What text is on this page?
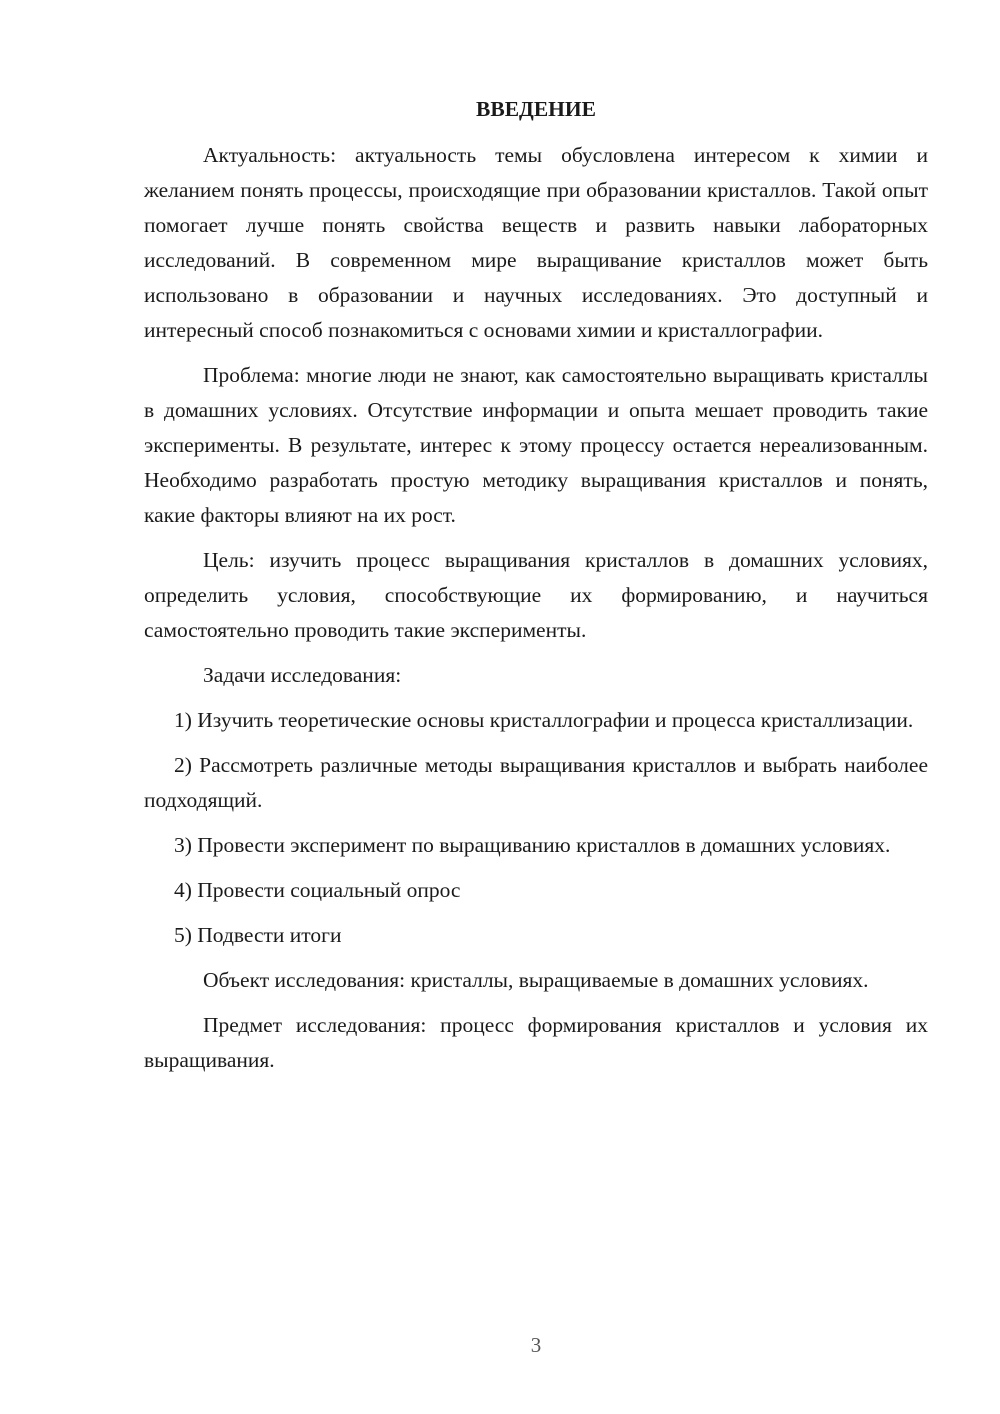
ВВЕДЕНИЕ

Актуальность: актуальность темы обусловлена интересом к химии и желанием понять процессы, происходящие при образовании кристаллов. Такой опыт помогает лучше понять свойства веществ и развить навыки лабораторных исследований. В современном мире выращивание кристаллов может быть использовано в образовании и научных исследованиях. Это доступный и интересный способ познакомиться с основами химии и кристаллографии.

Проблема: многие люди не знают, как самостоятельно выращивать кристаллы в домашних условиях. Отсутствие информации и опыта мешает проводить такие эксперименты. В результате, интерес к этому процессу остается нереализованным. Необходимо разработать простую методику выращивания кристаллов и понять, какие факторы влияют на их рост.

Цель: изучить процесс выращивания кристаллов в домашних условиях, определить условия, способствующие их формированию, и научиться самостоятельно проводить такие эксперименты.

Задачи исследования:

1) Изучить теоретические основы кристаллографии и процесса кристаллизации.

2) Рассмотреть различные методы выращивания кристаллов и выбрать наиболее подходящий.

3) Провести эксперимент по выращиванию кристаллов в домашних условиях.

4) Провести социальный опрос

5) Подвести итоги

Объект исследования: кристаллы, выращиваемые в домашних условиях.

Предмет исследования: процесс формирования кристаллов и условия их выращивания.

3
